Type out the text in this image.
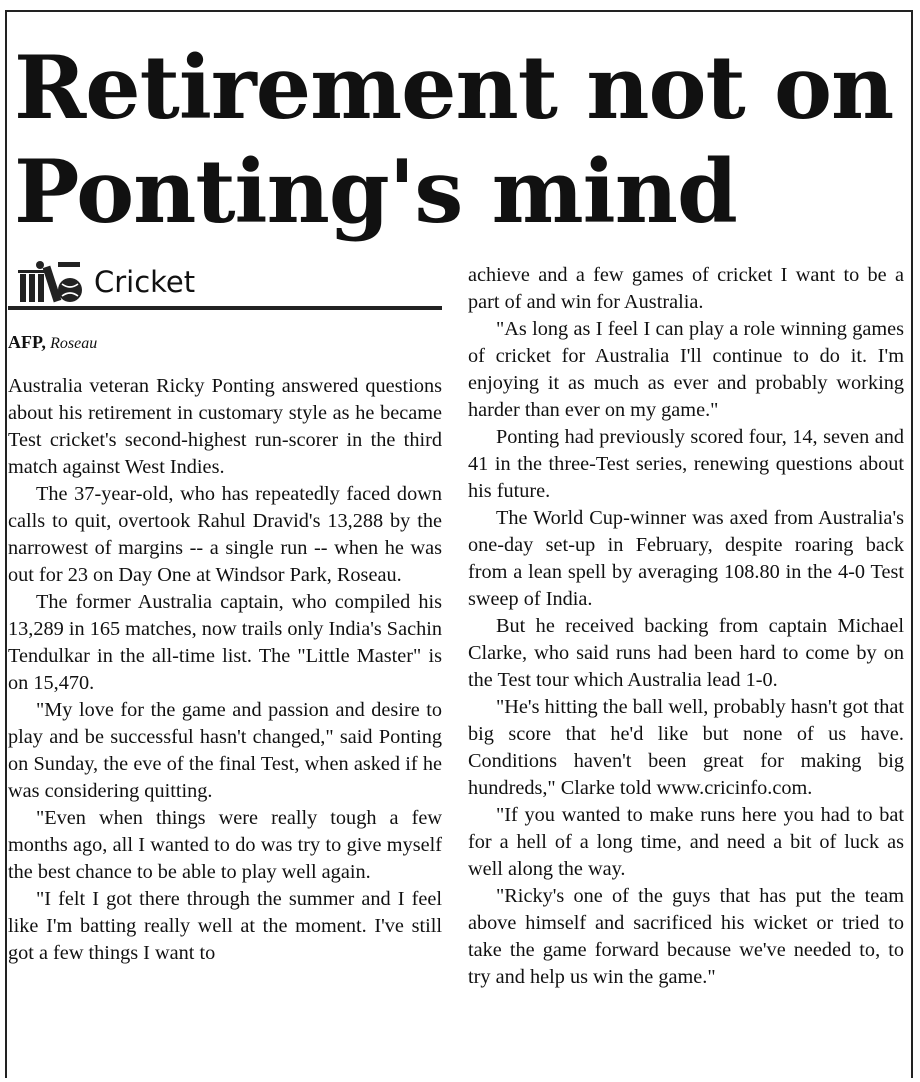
Retirement not on Ponting's mind
Cricket

AFP, Roseau

Australia veteran Ricky Ponting answered questions about his retirement in customary style as he became Test cricket's second-highest run-scorer in the third match against West Indies.

The 37-year-old, who has repeatedly faced down calls to quit, overtook Rahul Dravid's 13,288 by the narrowest of margins -- a single run -- when he was out for 23 on Day One at Windsor Park, Roseau.

The former Australia captain, who compiled his 13,289 in 165 matches, now trails only India's Sachin Tendulkar in the all-time list. The "Little Master" is on 15,470.

"My love for the game and passion and desire to play and be successful hasn't changed," said Ponting on Sunday, the eve of the final Test, when asked if he was considering quitting.

"Even when things were really tough a few months ago, all I wanted to do was try to give myself the best chance to be able to play well again.

"I felt I got there through the summer and I feel like I'm batting really well at the moment. I've still got a few things I want to

achieve and a few games of cricket I want to be a part of and win for Australia.

"As long as I feel I can play a role winning games of cricket for Australia I'll continue to do it. I'm enjoying it as much as ever and probably working harder than ever on my game."

Ponting had previously scored four, 14, seven and 41 in the three-Test series, renewing questions about his future.

The World Cup-winner was axed from Australia's one-day set-up in February, despite roaring back from a lean spell by averaging 108.80 in the 4-0 Test sweep of India.

But he received backing from captain Michael Clarke, who said runs had been hard to come by on the Test tour which Australia lead 1-0.

"He's hitting the ball well, probably hasn't got that big score that he'd like but none of us have. Conditions haven't been great for making big hundreds," Clarke told www.cricinfo.com.

"If you wanted to make runs here you had to bat for a hell of a long time, and need a bit of luck as well along the way.

"Ricky's one of the guys that has put the team above himself and sacrificed his wicket or tried to take the game forward because we've needed to, to try and help us win the game."
